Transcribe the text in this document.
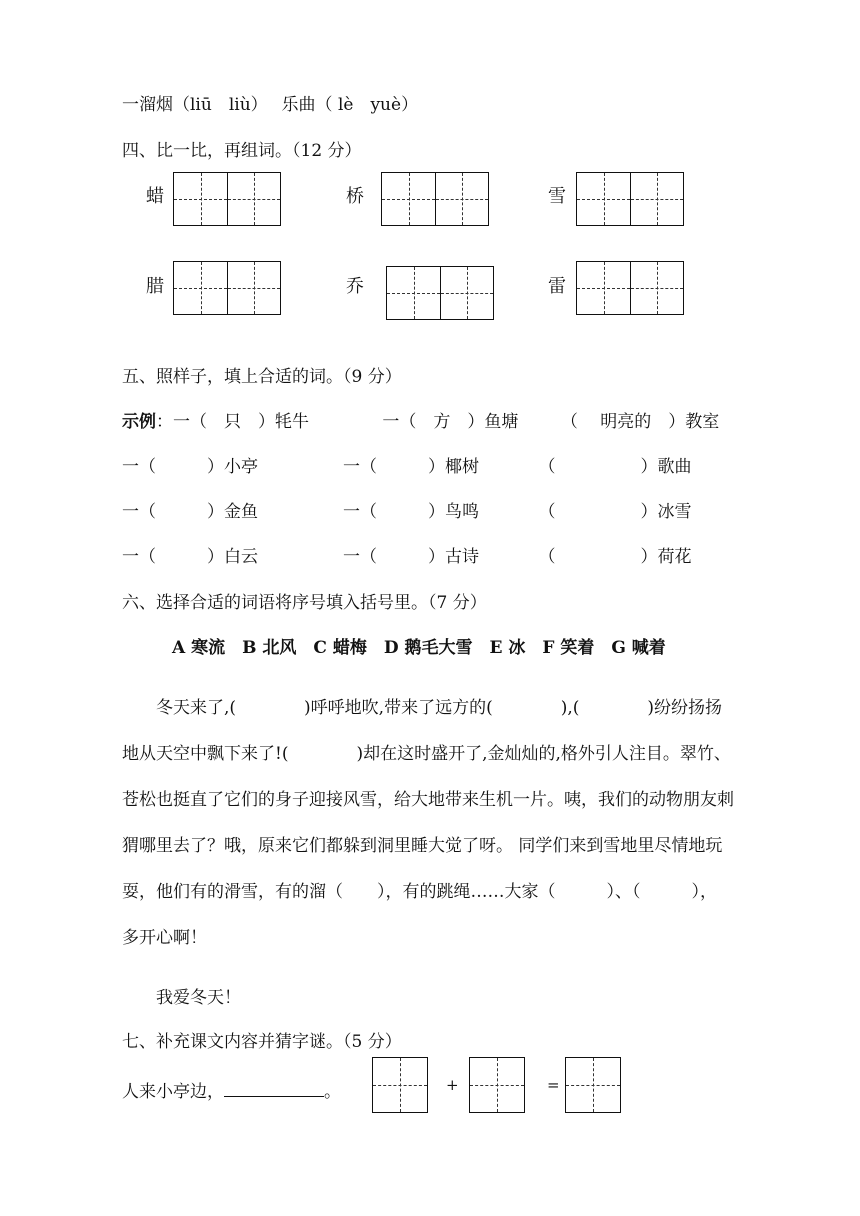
一溜烟（liū　liù）　 乐曲（ lè　yuè）
四、比一比，再组词。（12 分）
蜡	桥	雪
腊	乔	雷
五、照样子，填上合适的词。（9 分）
示例：一（　只　）牦牛　　　　 一（　方　）鱼塘　　　（　 明亮的　）教室
一（　　　）小亭　　　　　一（　　　）椰树　　　　（　　　　　）歌曲
一（　　　）金鱼　　　　　一（　　　）鸟鸣　　　　（　　　　　）冰雪
一（　　　）白云　　　　　一（　　　）古诗　　　　（　　　　　）荷花
六、选择合适的词语将序号填入括号里。（7 分）
A 寒流　B 北风　C 蜡梅　D 鹅毛大雪　E 冰　F 笑着　G 喊着
　　冬天来了,(　　　　)呼呼地吹,带来了远方的(　　　　),(　　　　)纷纷扬扬
地从天空中飘下来了!(　　　　)却在这时盛开了,金灿灿的,格外引人注目。翠竹、
苍松也挺直了它们的身子迎接风雪，给大地带来生机一片。咦，我们的动物朋友刺
猬哪里去了？哦，原来它们都躲到洞里睡大觉了呀。 同学们来到雪地里尽情地玩
耍，他们有的滑雪，有的溜（　　），有的跳绳……大家（　　　）、（　　　），
多开心啊！
　　我爱冬天！
七、补充课文内容并猜字谜。（5 分）
人来小亭边，	。	+	=
